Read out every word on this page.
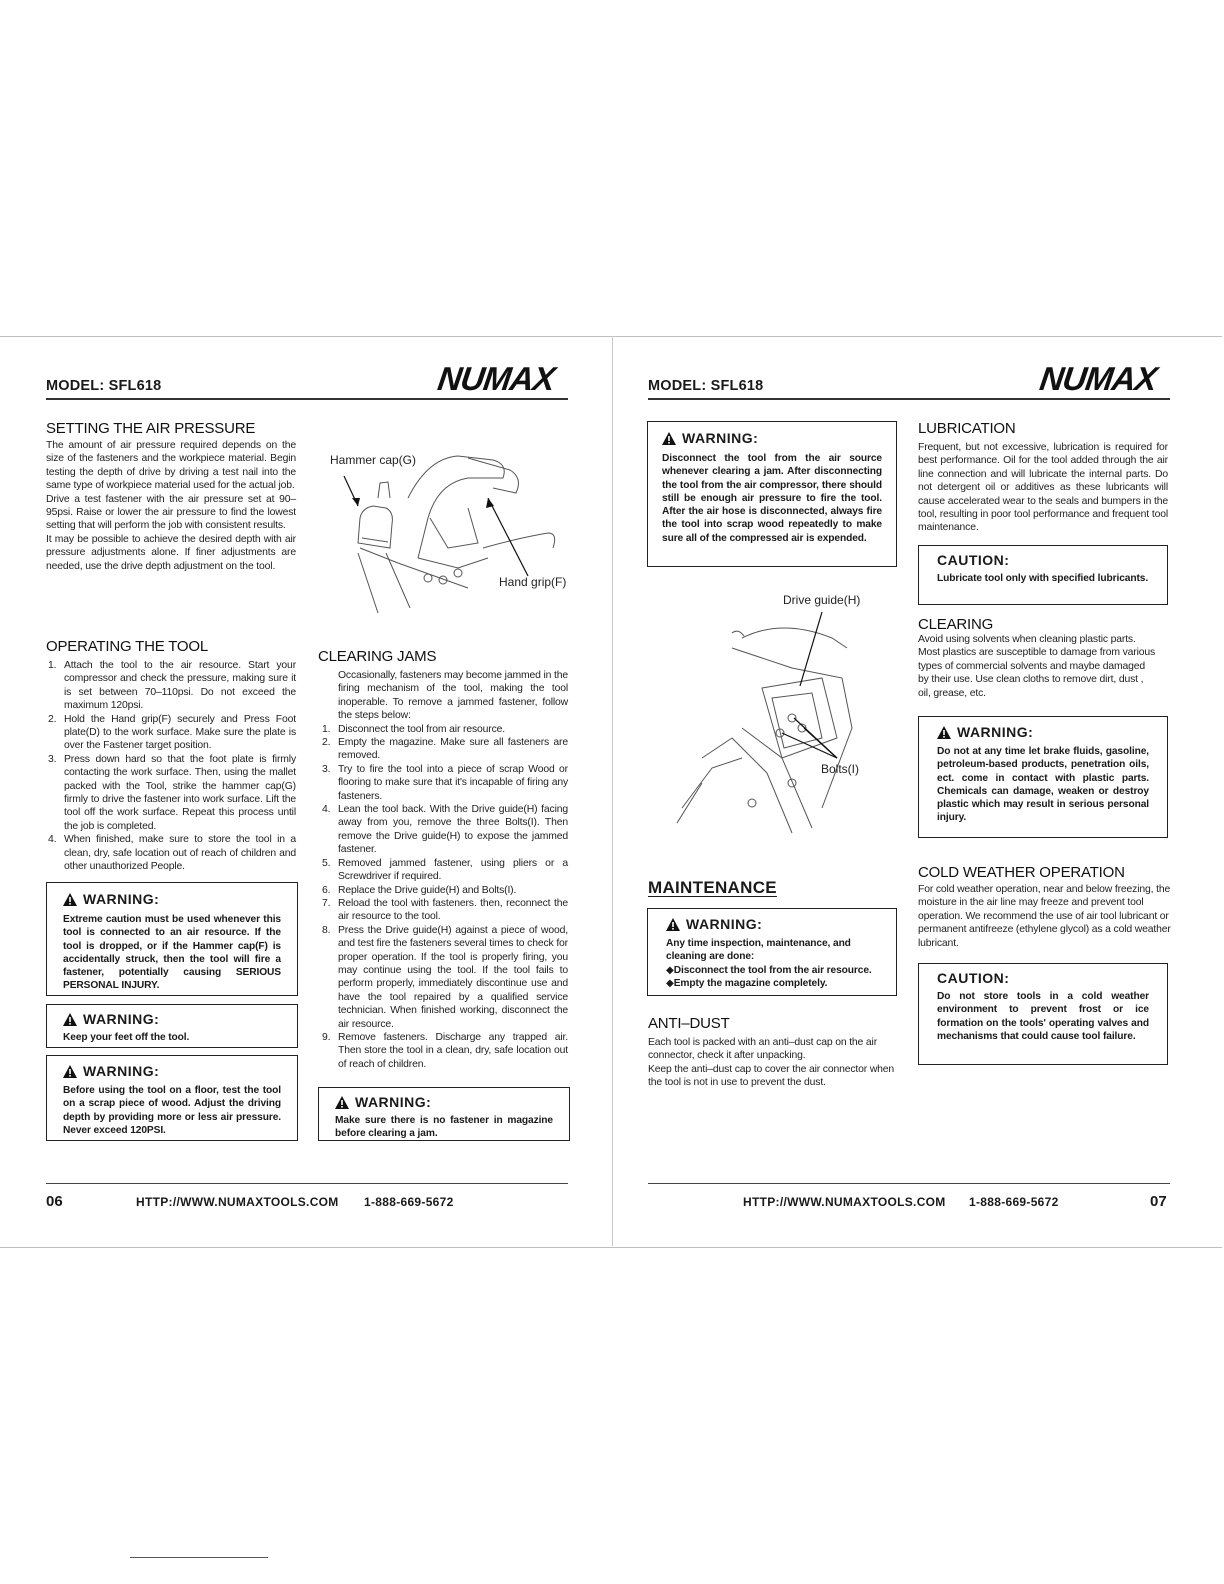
MODEL: SFL618	NUMAX
SETTING THE AIR PRESSURE

The amount of air pressure required depends on the size of the fasteners and the workpiece material. Begin testing the depth of drive by driving a test nail into the same type of workpiece material used for the actual job.

Drive a test fastener with the air pressure set at 90–95psi. Raise or lower the air pressure to find the lowest setting that will perform the job with consistent results.

It may be possible to achieve the desired depth with air pressure adjustments alone. If finer adjustments are needed, use the drive depth adjustment on the tool.

Hammer cap(G)
Hand grip(F)
OPERATING THE TOOL
1. Attach the tool to the air resource. Start your compressor and check the pressure, making sure it is set between 70–110psi. Do not exceed the maximum 120psi.
2. Hold the Hand grip(F) securely and Press Foot plate(D) to the work surface. Make sure the plate is over the Fastener target position.
3. Press down hard so that the foot plate is firmly contacting the work surface. Then, using the mallet packed with the Tool, strike the hammer cap(G) firmly to drive the fastener into work surface. Lift the tool off the work surface. Repeat this process until the job is completed.
4. When finished, make sure to store the tool in a clean, dry, safe location out of reach of children and other unauthorized People.
WARNING:
Extreme caution must be used whenever this tool is connected to an air resource. If the tool is dropped, or if the Hammer cap(F) is accidentally struck, then the tool will fire a fastener, potentially causing SERIOUS PERSONAL INJURY.
WARNING:
Keep your feet off the tool.
WARNING:
Before using the tool on a floor, test the tool on a scrap piece of wood. Adjust the driving depth by providing more or less air pressure. Never exceed 120PSI.
CLEARING JAMS

Occasionally, fasteners may become jammed in the firing mechanism of the tool, making the tool inoperable. To remove a jammed fastener, follow the steps below:

1. Disconnect the tool from air resource.
2. Empty the magazine. Make sure all fasteners are removed.
3. Try to fire the tool into a piece of scrap Wood or flooring to make sure that it's incapable of firing any fasteners.
4. Lean the tool back. With the Drive guide(H) facing away from you, remove the three Bolts(I). Then remove the Drive guide(H) to expose the jammed fastener.
5. Removed jammed fastener, using pliers or a Screwdriver if required.
6. Replace the Drive guide(H) and Bolts(I).
7. Reload the tool with fasteners. then, reconnect the air resource to the tool.
8. Press the Drive guide(H) against a piece of wood, and test fire the fasteners several times to check for proper operation. If the tool is properly firing, you may continue using the tool. If the tool fails to perform properly, immediately discontinue use and have the tool repaired by a qualified service technician. When finished working, disconnect the air resource.
9. Remove fasteners. Discharge any trapped air. Then store the tool in a clean, dry, safe location out of reach of children.
WARNING:
Make sure there is no fastener in magazine before clearing a jam.
06	HTTP://WWW.NUMAXTOOLS.COM 1-888-669-5672
MODEL: SFL618	NUMAX
WARNING:
Disconnect the tool from the air source whenever clearing a jam. After disconnecting the tool from the air compressor, there should still be enough air pressure to fire the tool. After the air hose is disconnected, always fire the tool into scrap wood repeatedly to make sure all of the compressed air is expended.
Drive guide(H)
Bolts(I)
MAINTENANCE
WARNING:
Any time inspection, maintenance, and cleaning are done:
◆Disconnect the tool from the air resource.
◆Empty the magazine completely.
ANTI–DUST

Each tool is packed with an anti–dust cap on the air connector, check it after unpacking.

Keep the anti–dust cap to cover the air connector when the tool is not in use to prevent the dust.

LUBRICATION
Frequent, but not excessive, lubrication is required for best performance. Oil for the tool added through the air line connection and will lubricate the internal parts. Do not detergent oil or additives as these lubricants will cause accelerated wear to the seals and bumpers in the tool, resulting in poor tool performance and frequent tool maintenance.
CAUTION:
Lubricate tool only with specified lubricants.
CLEARING
Avoid using solvents when cleaning plastic parts. Most plastics are susceptible to damage from various types of commercial solvents and maybe damaged by their use. Use clean cloths to remove dirt, dust , oil, grease, etc.
WARNING:
Do not at any time let brake fluids, gasoline, petroleum-based products, penetration oils, ect. come in contact with plastic parts. Chemicals can damage, weaken or destroy plastic which may result in serious personal injury.
COLD WEATHER OPERATION
For cold weather operation, near and below freezing, the moisture in the air line may freeze and prevent tool operation. We recommend the use of air tool lubricant or permanent antifreeze (ethylene glycol) as a cold weather lubricant.
CAUTION:
Do not store tools in a cold weather environment to prevent frost or ice formation on the tools' operating valves and mechanisms that could cause tool failure.
HTTP://WWW.NUMAXTOOLS.COM 1-888-669-5672	07
